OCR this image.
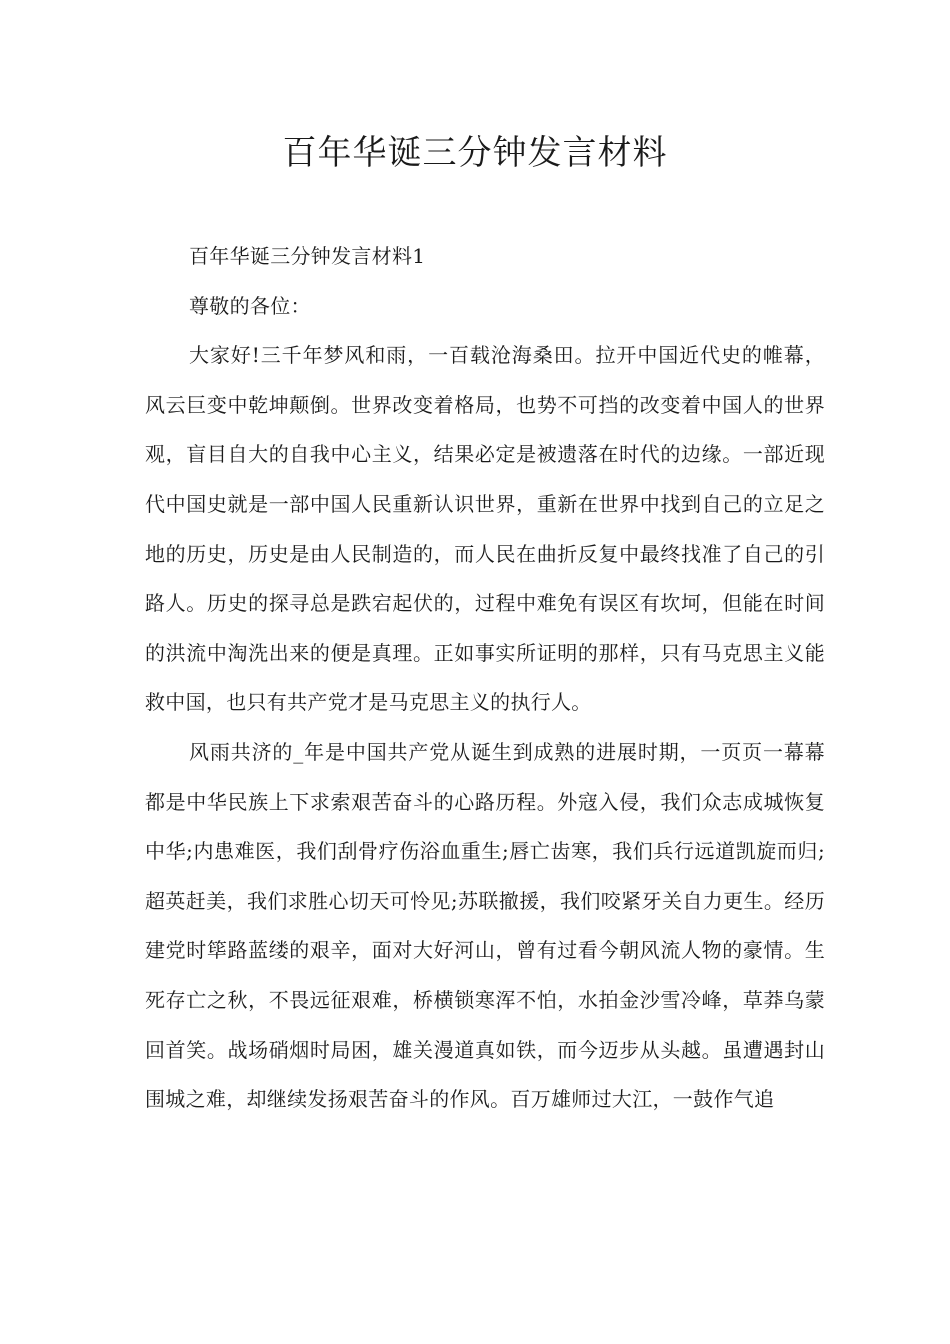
百年华诞三分钟发言材料

百年华诞三分钟发言材料1

尊敬的各位：

大家好!三千年梦风和雨，一百载沧海桑田。拉开中国近代史的帷幕，风云巨变中乾坤颠倒。世界改变着格局，也势不可挡的改变着中国人的世界观，盲目自大的自我中心主义，结果必定是被遗落在时代的边缘。一部近现代中国史就是一部中国人民重新认识世界，重新在世界中找到自己的立足之地的历史，历史是由人民制造的，而人民在曲折反复中最终找准了自己的引路人。历史的探寻总是跌宕起伏的，过程中难免有误区有坎坷，但能在时间的洪流中淘洗出来的便是真理。正如事实所证明的那样，只有马克思主义能救中国，也只有共产党才是马克思主义的执行人。

风雨共济的_年是中国共产党从诞生到成熟的进展时期，一页页一幕幕都是中华民族上下求索艰苦奋斗的心路历程。外寇入侵，我们众志成城恢复中华;内患难医，我们刮骨疗伤浴血重生;唇亡齿寒，我们兵行远道凯旋而归;超英赶美，我们求胜心切天可怜见;苏联撤援，我们咬紧牙关自力更生。经历建党时筚路蓝缕的艰辛，面对大好河山，曾有过看今朝风流人物的豪情。生死存亡之秋，不畏远征艰难，桥横锁寒浑不怕，水拍金沙雪冷峰，草莽乌蒙回首笑。战场硝烟时局困，雄关漫道真如铁，而今迈步从头越。虽遭遇封山围城之难，却继续发扬艰苦奋斗的作风。百万雄师过大江，一鼓作气追
